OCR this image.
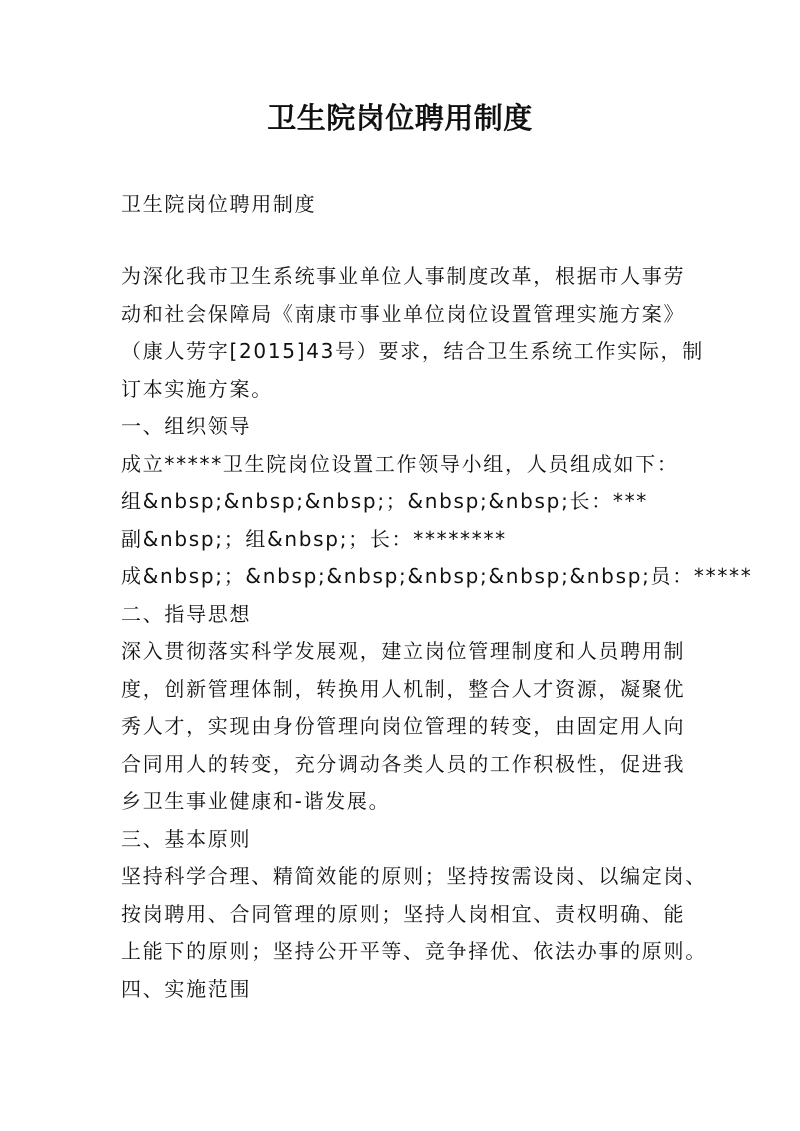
卫生院岗位聘用制度
卫生院岗位聘用制度

为深化我市卫生系统事业单位人事制度改革，根据市人事劳

动和社会保障局《南康市事业单位岗位设置管理实施方案》

（康人劳字[2015]43号）要求，结合卫生系统工作实际，制

订本实施方案。

一、组织领导

成立*****卫生院岗位设置工作领导小组，人员组成如下：

组&nbsp;&nbsp;&nbsp;；&nbsp;&nbsp;长：***

副&nbsp;；组&nbsp;；长：********

成&nbsp;；&nbsp;&nbsp;&nbsp;&nbsp;&nbsp;员：*****

二、指导思想

深入贯彻落实科学发展观，建立岗位管理制度和人员聘用制

度，创新管理体制，转换用人机制，整合人才资源，凝聚优

秀人才，实现由身份管理向岗位管理的转变，由固定用人向

合同用人的转变，充分调动各类人员的工作积极性，促进我

乡卫生事业健康和-谐发展。

三、基本原则

坚持科学合理、精简效能的原则；坚持按需设岗、以编定岗、

按岗聘用、合同管理的原则；坚持人岗相宜、责权明确、能

上能下的原则；坚持公开平等、竞争择优、依法办事的原则。

四、实施范围
